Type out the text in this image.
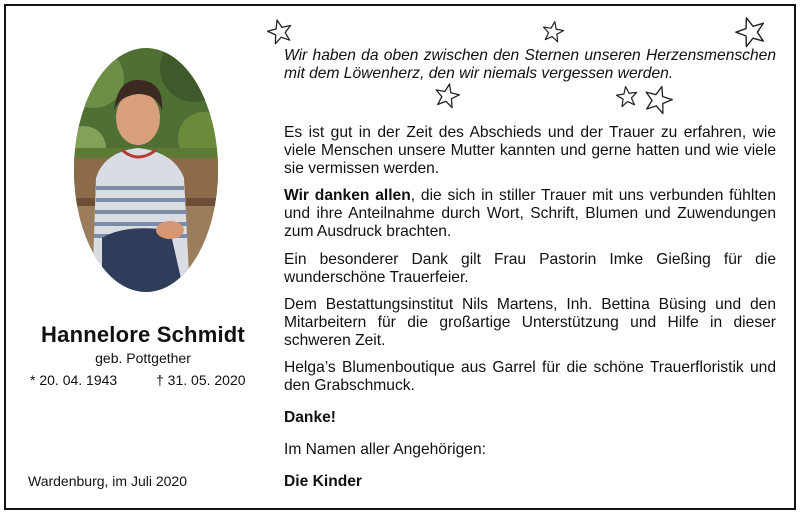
Hannelore Schmidt
geb. Pottgether
* 20. 04. 1943	† 31. 05. 2020
Wardenburg, im Juli 2020
Wir haben da oben zwischen den Sternen unseren Herzensmenschen mit dem Löwenherz, den wir niemals vergessen werden.
Es ist gut in der Zeit des Abschieds und der Trauer zu erfahren, wie viele Menschen unsere Mutter kannten und gerne hatten und wie viele sie vermissen werden.
Wir danken allen, die sich in stiller Trauer mit uns verbunden fühlten und ihre Anteilnahme durch Wort, Schrift, Blumen und Zuwendungen zum Ausdruck brachten.
Ein besonderer Dank gilt Frau Pastorin Imke Gießing für die wunderschöne Trauerfeier.
Dem Bestattungsinstitut Nils Martens, Inh. Bettina Büsing und den Mitarbeitern für die großartige Unterstützung und Hilfe in dieser schweren Zeit.
Helga’s Blumenboutique aus Garrel für die schöne Trauerfloristik und den Grabschmuck.
Danke!
Im Namen aller Angehörigen:
Die Kinder
